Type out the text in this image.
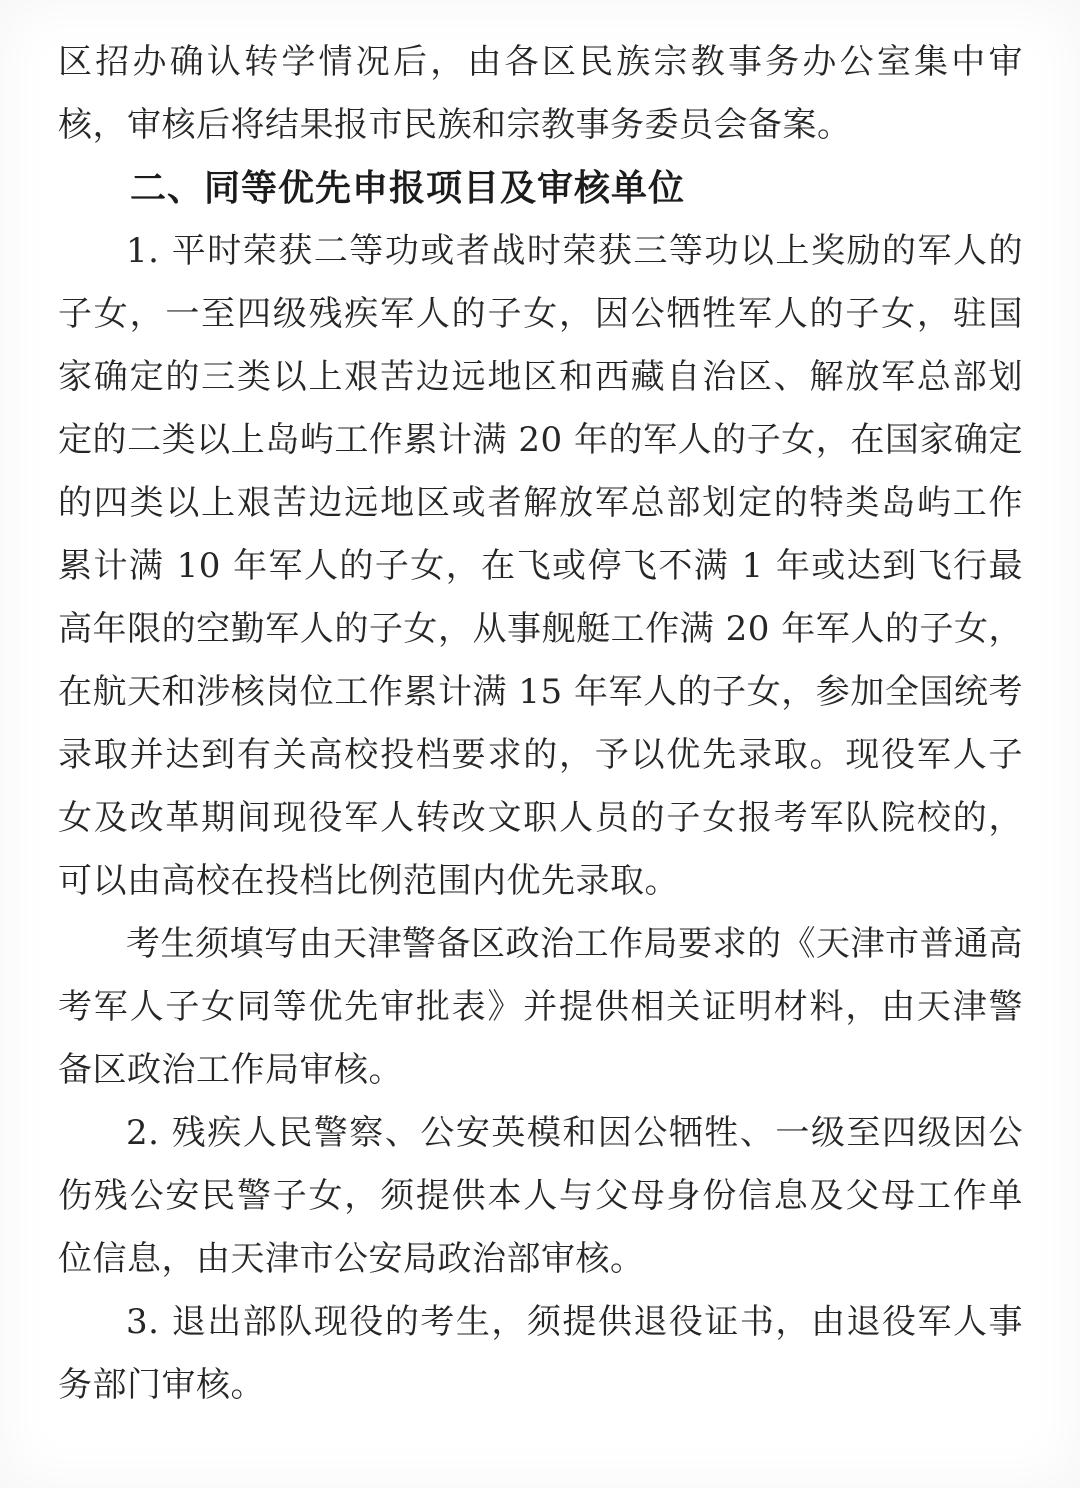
区招办确认转学情况后，由各区民族宗教事务办公室集中审核，审核后将结果报市民族和宗教事务委员会备案。

二、同等优先申报项目及审核单位

1. 平时荣获二等功或者战时荣获三等功以上奖励的军人的子女，一至四级残疾军人的子女，因公牺牲军人的子女，驻国家确定的三类以上艰苦边远地区和西藏自治区、解放军总部划定的二类以上岛屿工作累计满 20 年的军人的子女，在国家确定的四类以上艰苦边远地区或者解放军总部划定的特类岛屿工作累计满 10 年军人的子女，在飞或停飞不满 1 年或达到飞行最高年限的空勤军人的子女，从事舰艇工作满 20 年军人的子女，在航天和涉核岗位工作累计满 15 年军人的子女，参加全国统考录取并达到有关高校投档要求的，予以优先录取。现役军人子女及改革期间现役军人转改文职人员的子女报考军队院校的，可以由高校在投档比例范围内优先录取。

考生须填写由天津警备区政治工作局要求的《天津市普通高考军人子女同等优先审批表》并提供相关证明材料，由天津警备区政治工作局审核。

2. 残疾人民警察、公安英模和因公牺牲、一级至四级因公伤残公安民警子女，须提供本人与父母身份信息及父母工作单位信息，由天津市公安局政治部审核。

3. 退出部队现役的考生，须提供退役证书，由退役军人事务部门审核。
